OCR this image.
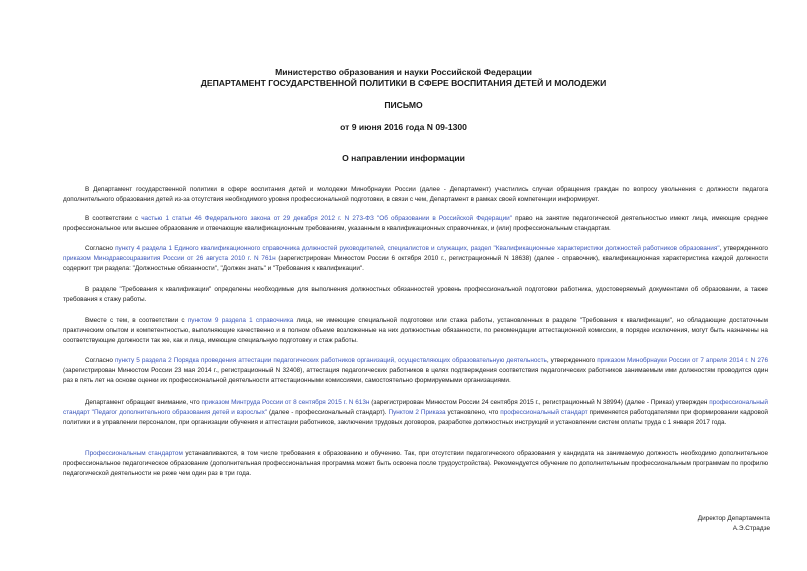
Министерство образования и науки Российской Федерации
ДЕПАРТАМЕНТ ГОСУДАРСТВЕННОЙ ПОЛИТИКИ В СФЕРЕ ВОСПИТАНИЯ ДЕТЕЙ И МОЛОДЕЖИ
ПИСЬМО
от 9 июня 2016 года N 09-1300
О направлении информации
В Департамент государственной политики в сфере воспитания детей и молодежи Минобрнауки России (далее - Департамент) участились случаи обращения граждан по вопросу увольнения с должности педагога дополнительного образования детей из-за отсутствия необходимого уровня профессиональной подготовки, в связи с чем, Департамент в рамках своей компетенции информирует.
В соответствии с частью 1 статьи 46 Федерального закона от 29 декабря 2012 г. N 273-ФЗ "Об образовании в Российской Федерации" право на занятие педагогической деятельностью имеют лица, имеющие среднее профессиональное или высшее образование и отвечающие квалификационным требованиям, указанным в квалификационных справочниках, и (или) профессиональным стандартам.
Согласно пункту 4 раздела 1 Единого квалификационного справочника должностей руководителей, специалистов и служащих, раздел "Квалификационные характеристики должностей работников образования", утвержденного приказом Минздравсоцразвития России от 26 августа 2010 г. N 761н (зарегистрирован Минюстом России 6 октября 2010 г., регистрационный N 18638) (далее - справочник), квалификационная характеристика каждой должности содержит три раздела: "Должностные обязанности", "Должен знать" и "Требования к квалификации".
В разделе "Требования к квалификации" определены необходимые для выполнения должностных обязанностей уровень профессиональной подготовки работника, удостоверяемый документами об образовании, а также требования к стажу работы.
Вместе с тем, в соответствии с пунктом 9 раздела 1 справочника лица, не имеющие специальной подготовки или стажа работы, установленных в разделе "Требования к квалификации", но обладающие достаточным практическим опытом и компетентностью, выполняющие качественно и в полном объеме возложенные на них должностные обязанности, по рекомендации аттестационной комиссии, в порядке исключения, могут быть назначены на соответствующие должности так же, как и лица, имеющие специальную подготовку и стаж работы.
Согласно пункту 5 раздела 2 Порядка проведения аттестации педагогических работников организаций, осуществляющих образовательную деятельность, утвержденного приказом Минобрнауки России от 7 апреля 2014 г. N 276 (зарегистрирован Минюстом России 23 мая 2014 г., регистрационный N 32408), аттестация педагогических работников в целях подтверждения соответствия педагогических работников занимаемым ими должностям проводится один раз в пять лет на основе оценки их профессиональной деятельности аттестационными комиссиями, самостоятельно формируемыми организациями.
Департамент обращает внимание, что приказом Минтруда России от 8 сентября 2015 г. N 613н (зарегистрирован Минюстом России 24 сентября 2015 г., регистрационный N 38994) (далее - Приказ) утвержден профессиональный стандарт "Педагог дополнительного образования детей и взрослых" (далее - профессиональный стандарт). Пунктом 2 Приказа установлено, что профессиональный стандарт применяется работодателями при формировании кадровой политики и в управлении персоналом, при организации обучения и аттестации работников, заключении трудовых договоров, разработке должностных инструкций и установлении систем оплаты труда с 1 января 2017 года.
Профессиональным стандартом устанавливаются, в том числе требования к образованию и обучению. Так, при отсутствии педагогического образования у кандидата на занимаемую должность необходимо дополнительное профессиональное педагогическое образование (дополнительная профессиональная программа может быть освоена после трудоустройства). Рекомендуется обучение по дополнительным профессиональным программам по профилю педагогической деятельности не реже чем один раз в три года.
Директор Департамента
А.Э.Страдзе
